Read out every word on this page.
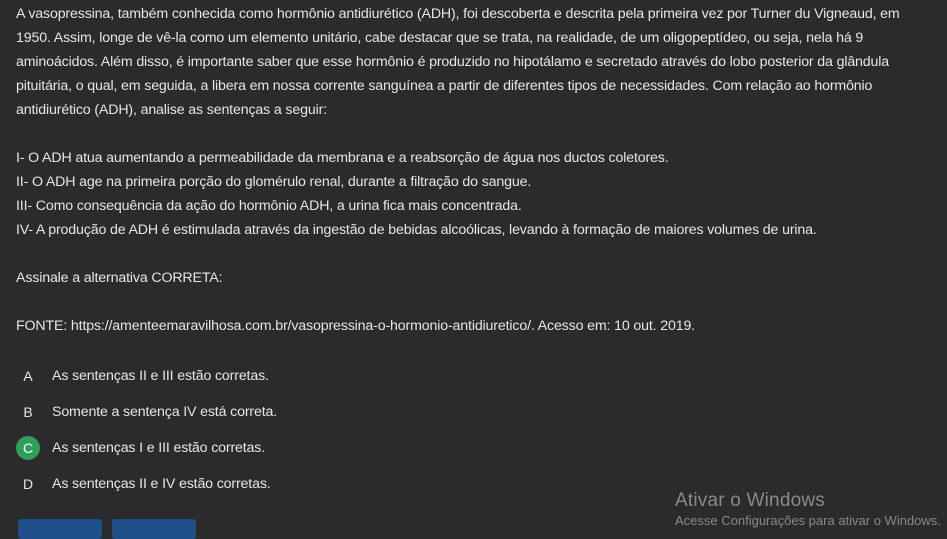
A vasopressina, também conhecida como hormônio antidiurético (ADH), foi descoberta e descrita pela primeira vez por Turner du Vigneaud, em 1950. Assim, longe de vê-la como um elemento unitário, cabe destacar que se trata, na realidade, de um oligopeptídeo, ou seja, nela há 9 aminoácidos. Além disso, é importante saber que esse hormônio é produzido no hipotálamo e secretado através do lobo posterior da glândula pituitária, o qual, em seguida, a libera em nossa corrente sanguínea a partir de diferentes tipos de necessidades. Com relação ao hormônio antidiurético (ADH), analise as sentenças a seguir:

I- O ADH atua aumentando a permeabilidade da membrana e a reabsorção de água nos ductos coletores.

II- O ADH age na primeira porção do glomérulo renal, durante a filtração do sangue.

III- Como consequência da ação do hormônio ADH, a urina fica mais concentrada.

IV- A produção de ADH é estimulada através da ingestão de bebidas alcoólicas, levando à formação de maiores volumes de urina.

Assinale a alternativa CORRETA:

FONTE: https://amenteemaravilhosa.com.br/vasopressina-o-hormonio-antidiuretico/. Acesso em: 10 out. 2019.

A	As sentenças II e III estão corretas.
B	Somente a sentença IV está correta.
C	As sentenças I e III estão corretas.
D	As sentenças II e IV estão corretas.
Ativar o Windows
Acesse Configurações para ativar o Windows.
